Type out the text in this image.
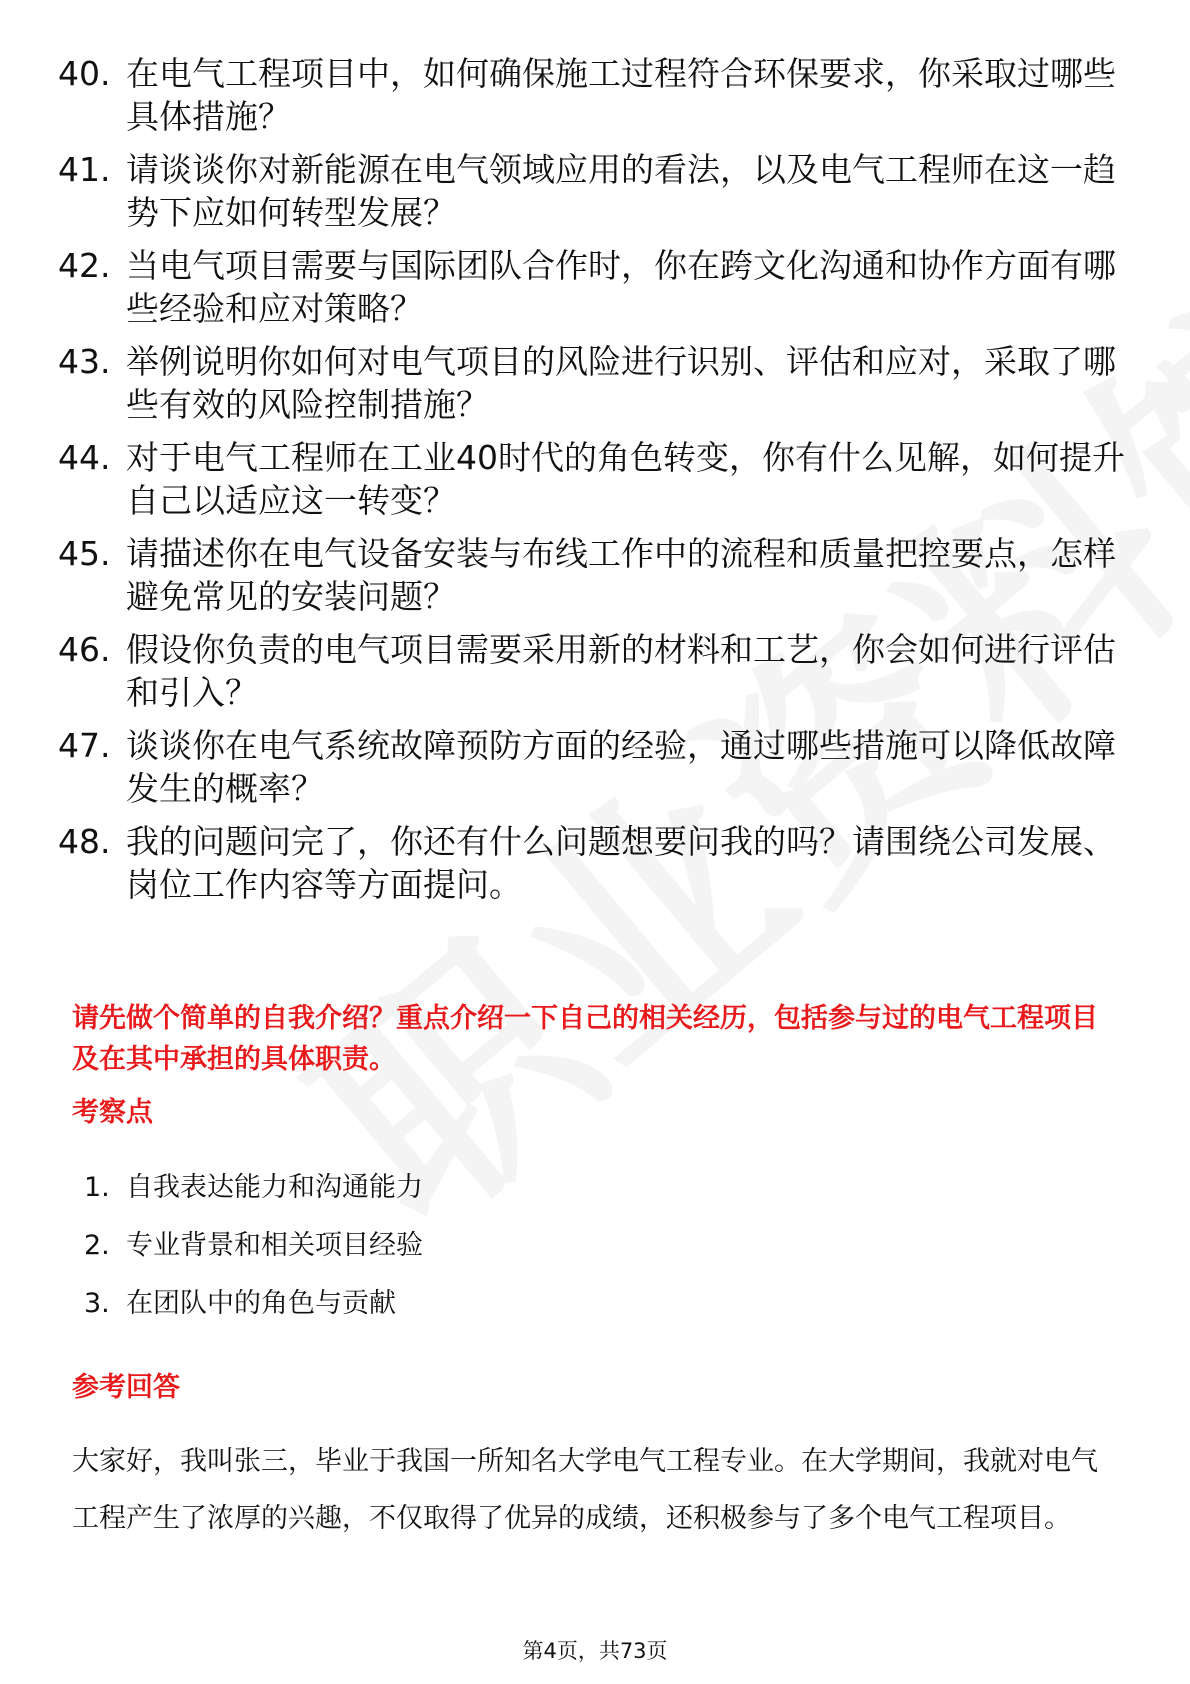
40. 在电气工程项目中，如何确保施工过程符合环保要求，你采取过哪些具体措施？
41. 请谈谈你对新能源在电气领域应用的看法，以及电气工程师在这一趋势下应如何转型发展？
42. 当电气项目需要与国际团队合作时，你在跨文化沟通和协作方面有哪些经验和应对策略？
43. 举例说明你如何对电气项目的风险进行识别、评估和应对，采取了哪些有效的风险控制措施？
44. 对于电气工程师在工业40时代的角色转变，你有什么见解，如何提升自己以适应这一转变？
45. 请描述你在电气设备安装与布线工作中的流程和质量把控要点，怎样避免常见的安装问题？
46. 假设你负责的电气项目需要采用新的材料和工艺，你会如何进行评估和引入？
47. 谈谈你在电气系统故障预防方面的经验，通过哪些措施可以降低故障发生的概率？
48. 我的问题问完了，你还有什么问题想要问我的吗？请围绕公司发展、岗位工作内容等方面提问。
请先做个简单的自我介绍？重点介绍一下自己的相关经历，包括参与过的电气工程项目及在其中承担的具体职责。
考察点
1. 自我表达能力和沟通能力
2. 专业背景和相关项目经验
3. 在团队中的角色与贡献
参考回答
大家好，我叫张三，毕业于我国一所知名大学电气工程专业。在大学期间，我就对电气工程产生了浓厚的兴趣，不仅取得了优异的成绩，还积极参与了多个电气工程项目。
第4页，共73页
